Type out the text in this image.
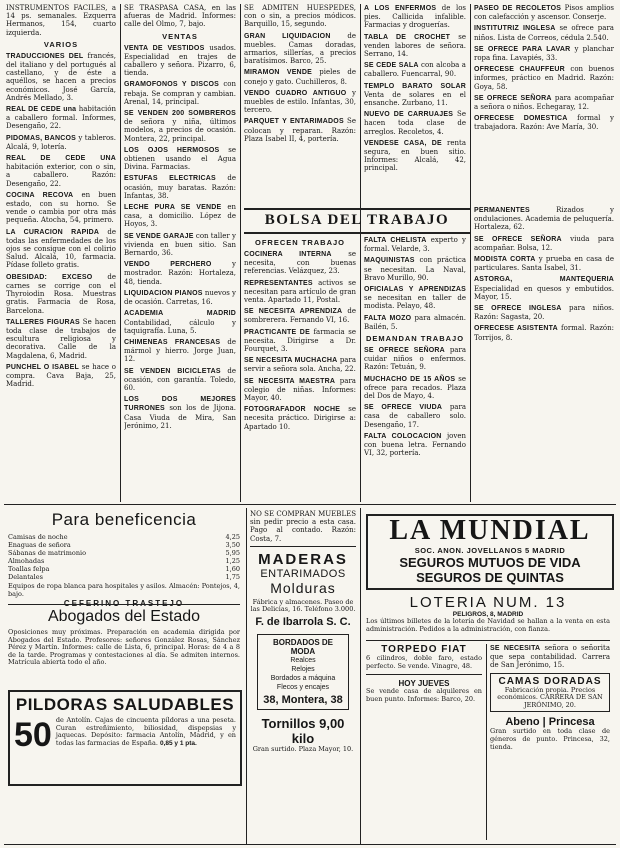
INSTRUMENTOS FACILES, a 14 ps. semanales. Ezquerra Hermanos, 154, cuarto izquierda.

VARIOS

TRADUCCIONES DEL francés, del italiano y del portugués al castellano, y de éste a aquéllos, se hacen a precios económicos. José García, Andrés Mellado, 3.

REAL DE CEDE una habitación a caballero formal. Informes, Desengaño, 22.

PIDOMAS, BANCOS y tableros. Alcalá, 9, lotería.

REAL DE CEDE UNA habitación exterior, con o sin, a caballero. Razón: Desengaño, 22.

COCINA RECOVA en buen estado, con su horno. Se vende o cambia por otra más pequeña. Atocha, 54, primero.

LA CURACION RAPIDA de todas las enfermedades de los ojos se consigue con el colirio Salud. Alcalá, 10, farmacia. Pídase folleto gratis.

OBESIDAD: EXCESO de carnes se corrige con el Thyroiodin Rosa. Muestras gratis. Farmacia de Rosa, Barcelona.

TALLERES FIGURAS Se hacen toda clase de trabajos de escultura religiosa y decorativa. Calle de la Magdalena, 6, Madrid.

PUNCHEL O ISABEL se hace o compra. Cava Baja, 25, Madrid.

SE TRASPASA CASA, en las afueras de Madrid. Informes: calle del Olmo, 7, bajo.

VENTAS

VENTA DE VESTIDOS usados. Especialidad en trajes de caballero y señora. Pizarro, 6, tienda.

GRAMOFONOS Y DISCOS con rebaja. Se compran y cambian. Arenal, 14, principal.

SE VENDEN 200 SOMBREROS de señora y niña, últimos modelos, a precios de ocasión. Montera, 22, principal.

LOS OJOS HERMOSOS se obtienen usando el Agua Divina. Farmacias.

ESTUFAS ELECTRICAS de ocasión, muy baratas. Razón: Infantas, 38.

LECHE PURA SE VENDE en casa, a domicilio. López de Hoyos, 3.

SE VENDE GARAJE con taller y vivienda en buen sitio. San Bernardo, 36.

VENDO PERCHERO y mostrador. Razón: Hortaleza, 48, tienda.

LIQUIDACION PIANOS nuevos y de ocasión. Carretas, 16.

ACADEMIA MADRID Contabilidad, cálculo y taquigrafía. Luna, 5.

CHIMENEAS FRANCESAS de mármol y hierro. Jorge Juan, 12.

SE VENDEN BICICLETAS de ocasión, con garantía. Toledo, 60.

LOS DOS MEJORES TURRONES son los de Jijona. Casa Viuda de Mira, San Jerónimo, 21.

SE ADMITEN HUESPEDES, con o sin, a precios módicos. Barquillo, 15, segundo.

GRAN LIQUIDACION de muebles. Camas doradas, armarios, sillerías, a precios baratísimos. Barco, 25.

MIRAMON VENDE pieles de conejo y gato. Cuchilleros, 8.

VENDO CUADRO ANTIGUO y muebles de estilo. Infantas, 30, tercero.

PARQUET Y ENTARIMADOS Se colocan y reparan. Razón: Plaza Isabel II, 4, portería.

A LOS ENFERMOS de los pies. Callicida infalible. Farmacias y droguerías.

TABLA DE CROCHET se venden labores de señora. Serrano, 14.

SE CEDE SALA con alcoba a caballero. Fuencarral, 90.

TEMPLO BARATO SOLAR Venta de solares en el ensanche. Zurbano, 11.

NUEVO DE CARRUAJES Se hacen toda clase de arreglos. Recoletos, 4.

VENDESE CASA, DE renta segura, en buen sitio. Informes: Alcalá, 42, principal.

PASEO DE RECOLETOS Pisos amplios con calefacción y ascensor. Conserje.

INSTITUTRIZ INGLESA se ofrece para niños. Lista de Correos, cédula 2.540.

SE OFRECE PARA LAVAR y planchar ropa fina. Lavapiés, 33.

OFRECESE CHAUFFEUR con buenos informes, práctico en Madrid. Razón: Goya, 58.

SE OFRECE SEÑORA para acompañar a señora o niños. Echegaray, 12.

OFRECESE DOMESTICA formal y trabajadora. Razón: Ave María, 30.

BOLSA DEL TRABAJO
OFRECEN TRABAJO

COCINERA INTERNA se necesita, con buenas referencias. Velázquez, 23.

REPRESENTANTES activos se necesitan para artículo de gran venta. Apartado 11, Postal.

SE NECESITA APRENDIZA de sombrerera. Fernando VI, 16.

PRACTICANTE DE farmacia se necesita. Dirigirse a Dr. Fourquet, 3.

SE NECESITA MUCHACHA para servir a señora sola. Ancha, 22.

SE NECESITA MAESTRA para colegio de niñas. Informes: Mayor, 40.

FOTOGRAFADOR NOCHE se necesita práctico. Dirigirse a: Apartado 10.

FALTA CHELISTA experto y formal. Velarde, 3.

MAQUINISTAS con práctica se necesitan. La Naval, Bravo Murillo, 90.

OFICIALAS Y APRENDIZAS se necesitan en taller de modista. Pelayo, 48.

FALTA MOZO para almacén. Bailén, 5.

DEMANDAN TRABAJO

SE OFRECE SEÑORA para cuidar niños o enfermos. Razón: Tetuán, 9.

MUCHACHO DE 15 AÑOS se ofrece para recados. Plaza del Dos de Mayo, 4.

SE OFRECE VIUDA para casa de caballero solo. Desengaño, 17.

FALTA COLOCACION joven con buena letra. Fernando VI, 32, portería.

PERMANENTES Rizados y ondulaciones. Academia de peluquería. Hortaleza, 62.

SE OFRECE SEÑORA viuda para acompañar. Bolsa, 12.

MODISTA CORTA y prueba en casa de particulares. Santa Isabel, 31.

ASTORGA, MANTEQUERIA Especialidad en quesos y embutidos. Mayor, 15.

SE OFRECE INGLESA para niños. Razón: Sagasta, 20.

OFRECESE ASISTENTA formal. Razón: Torrijos, 8.

Para beneficencia
Camisas de noche	4,25
Enaguas de señora	3,50
Sábanas de matrimonio	5,95
Almohadas	1,25
Toallas felpa	1,60
Delantales	1,75
Equipos de ropa blanca para hospitales y asilos. Almacén: Pontejos, 4, bajo.
Abogados del Estado
Oposiciones muy próximas. Preparación en academia dirigida por Abogados del Estado. Profesores: señores González Rosas, Sánchez Pérez y Martín. Informes: calle de Lista, 6, principal. Horas: de 4 a 8 de la tarde. Programas y contestaciones al día. Se admiten internos. Matrícula abierta todo el año.
PILDORAS SALUDABLES
50 de Antolín. Cajas de cincuenta píldoras a una peseta. Curan estreñimiento, biliosidad, dispepsias y jaquecas. Depósito: farmacia Antolín, Madrid, y en todas las farmacias de España. 0,85 y 1 pta.

NO SE COMPRAN MUEBLES sin pedir precio a esta casa. Pago al contado. Razón: Costa, 7.

MADERAS
ENTARIMADOS
Molduras
Fábrica y almacenes. Paseo de las Delicias, 16. Teléfono 3.000.
F. de Ibarrola S. C.
BORDADOS DE MODA
Realces
Relojes
Bordados a máquina
Flecos y encajes
38, Montera, 38
Tornillos 9,00 kilo
Gran surtido. Plaza Mayor, 10.
LA MUNDIAL
SOC. ANON. JOVELLANOS 5 MADRID
SEGUROS MUTUOS DE VIDA
SEGUROS DE QUINTAS
LOTERIA NUM. 13
PELIGROS, 8, MADRID
Los últimos billetes de la lotería de Navidad se hallan a la venta en esta administración. Pedidos a la administración, con fianza.
TORPEDO FIAT
6 cilindros, doble faro, estado perfecto. Se vende. Vinagre, 48.
HOY JUEVES
Se vende casa de alquileres en buen punto. Informes: Barco, 20.

SE NECESITA señora o señorita que sepa contabilidad. Carrera de San Jerónimo, 15.

CAMAS DORADAS
Fabricación propia. Precios económicos. CARRERA DE SAN JERÓNIMO, 20.
Abeno | Princesa
Gran surtido en toda clase de géneros de punto. Princesa, 32, tienda.
